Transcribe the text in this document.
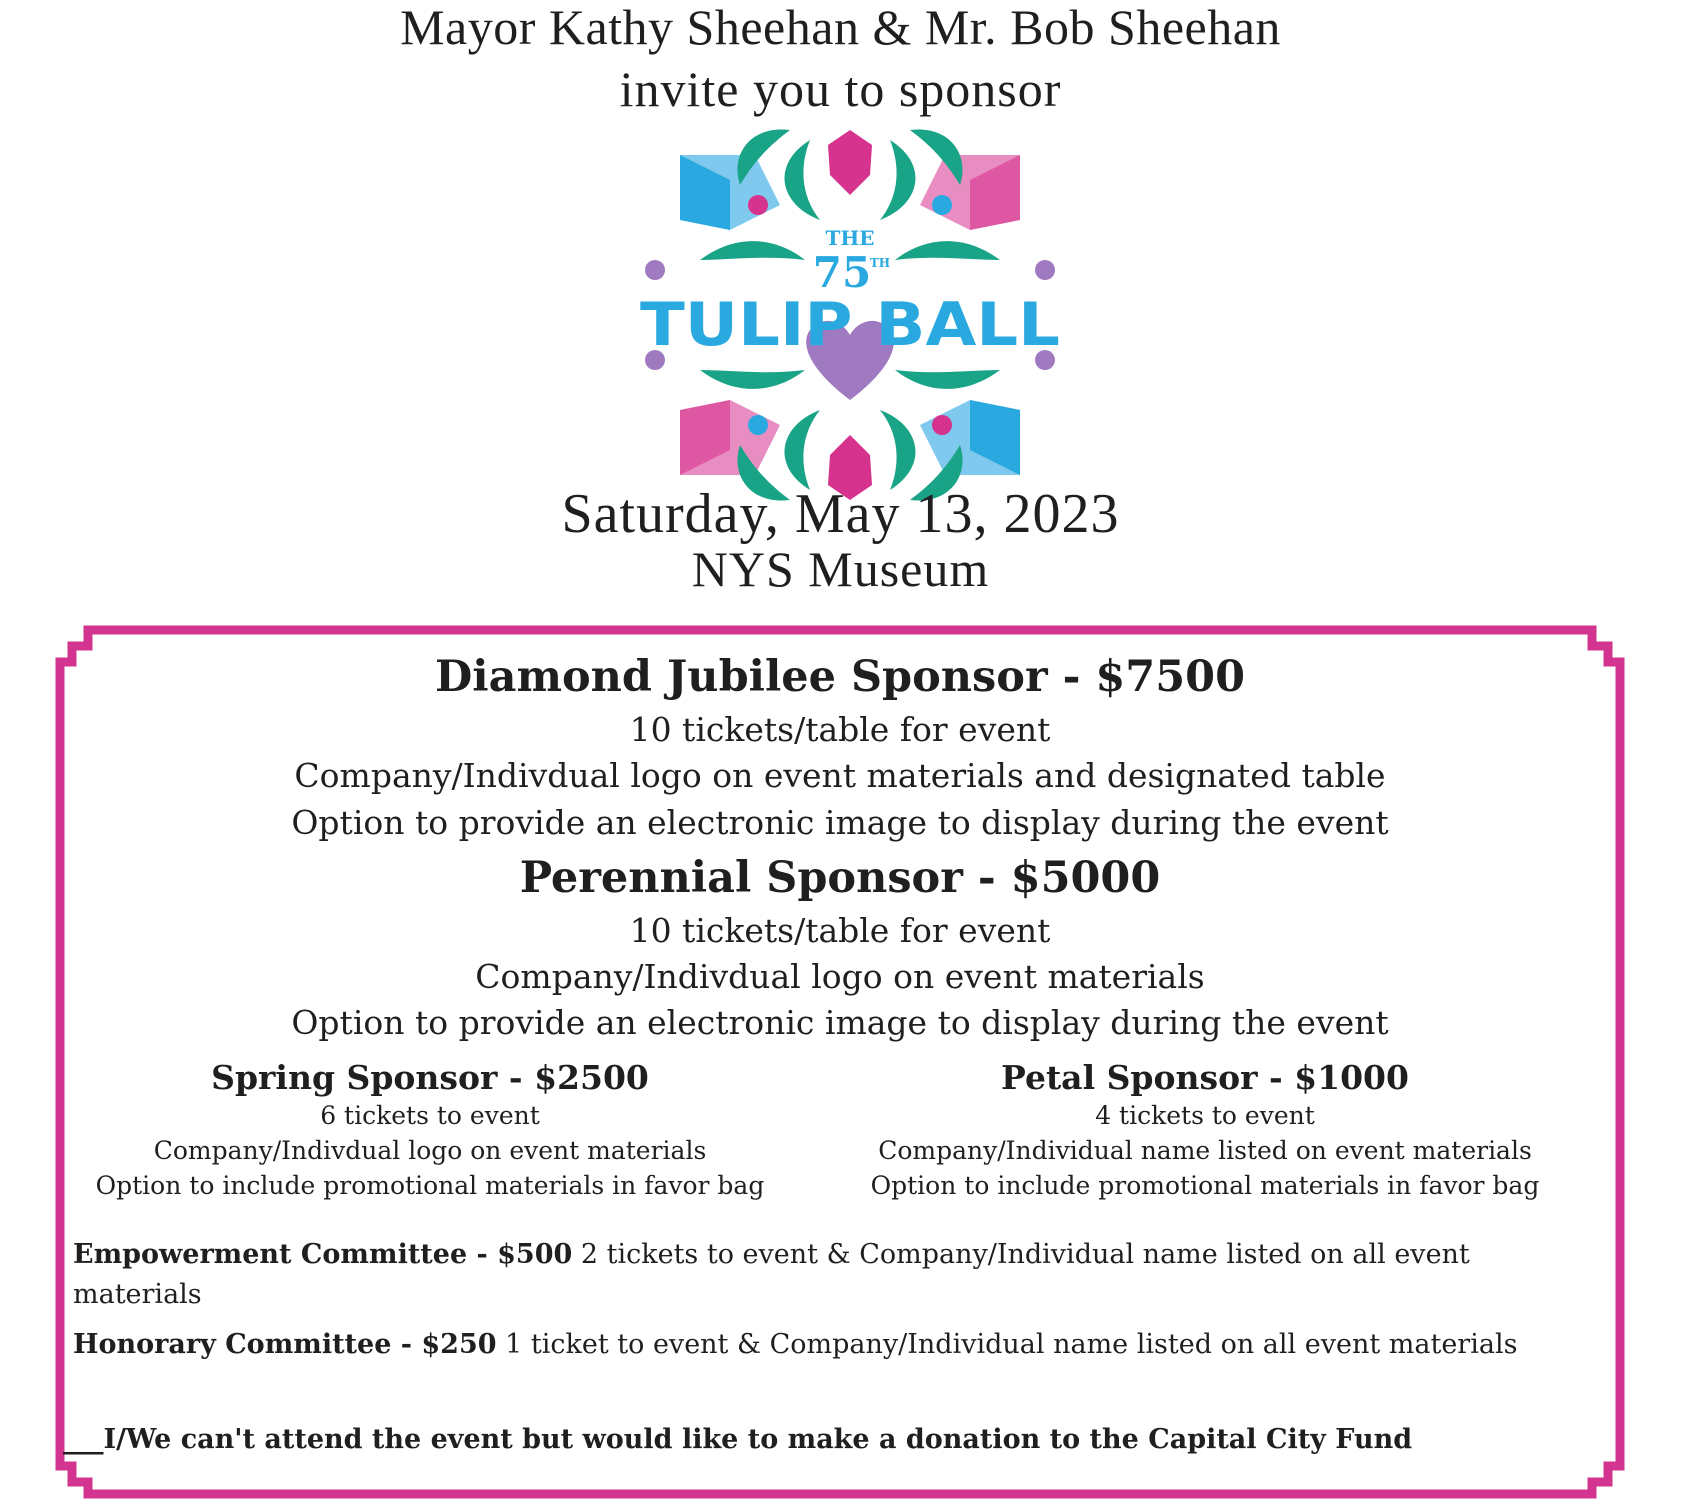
Mayor Kathy Sheehan & Mr. Bob Sheehan
invite you to sponsor
THE
75
TH
TULIP BALL
Saturday, May 13, 2023
NYS Museum
Diamond Jubilee Sponsor - $7500
10 tickets/table for event
Company/Indivdual logo on event materials and designated table
Option to provide an electronic image to display during the event
Perennial Sponsor - $5000
10 tickets/table for event
Company/Indivdual logo on event materials
Option to provide an electronic image to display during the event
Spring Sponsor - $2500
6 tickets to event
Company/Indivdual logo on event materials
Option to include promotional materials in favor bag
Petal Sponsor - $1000
4 tickets to event
Company/Individual name listed on event materials
Option to include promotional materials in favor bag
Empowerment Committee - $500 2 tickets to event & Company/Individual name listed on all event materials
Honorary Committee - $250 1 ticket to event & Company/Individual name listed on all event materials
___I/We can't attend the event but would like to make a donation to the Capital City Fund
